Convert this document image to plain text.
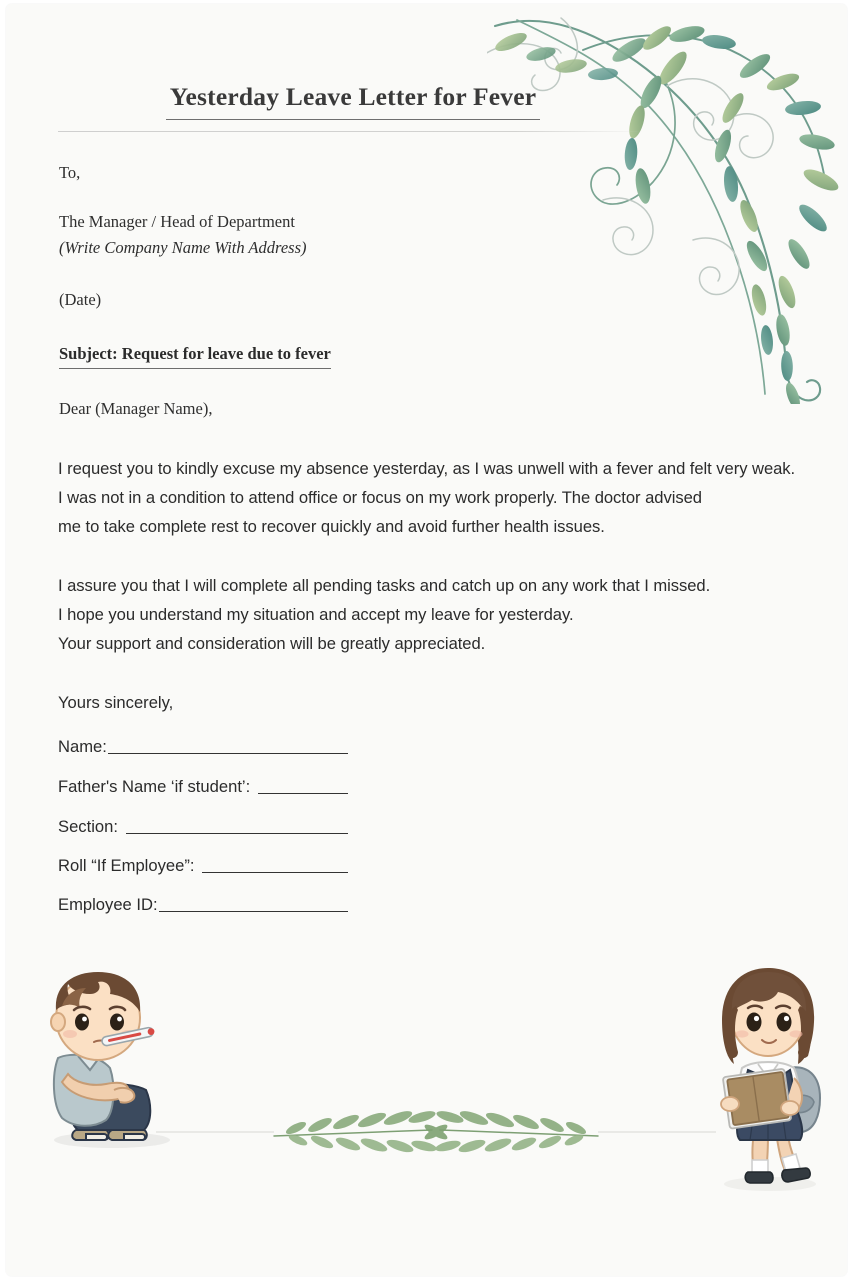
Yesterday Leave Letter for Fever
To,
The Manager / Head of Department
(Write Company Name With Address)
(Date)
Subject: Request for leave due to fever
Dear (Manager Name),
I request you to kindly excuse my absence yesterday, as I was unwell with a fever and felt very weak.
I was not in a condition to attend office or focus on my work properly. The doctor advised
me to take complete rest to recover quickly and avoid further health issues.
I assure you that I will complete all pending tasks and catch up on any work that I missed.
I hope you understand my situation and accept my leave for yesterday.
Your support and consideration will be greatly appreciated.
Yours sincerely,
Name:
Father's Name ‘if student’:
Section:
Roll “If Employee”:
Employee ID:
